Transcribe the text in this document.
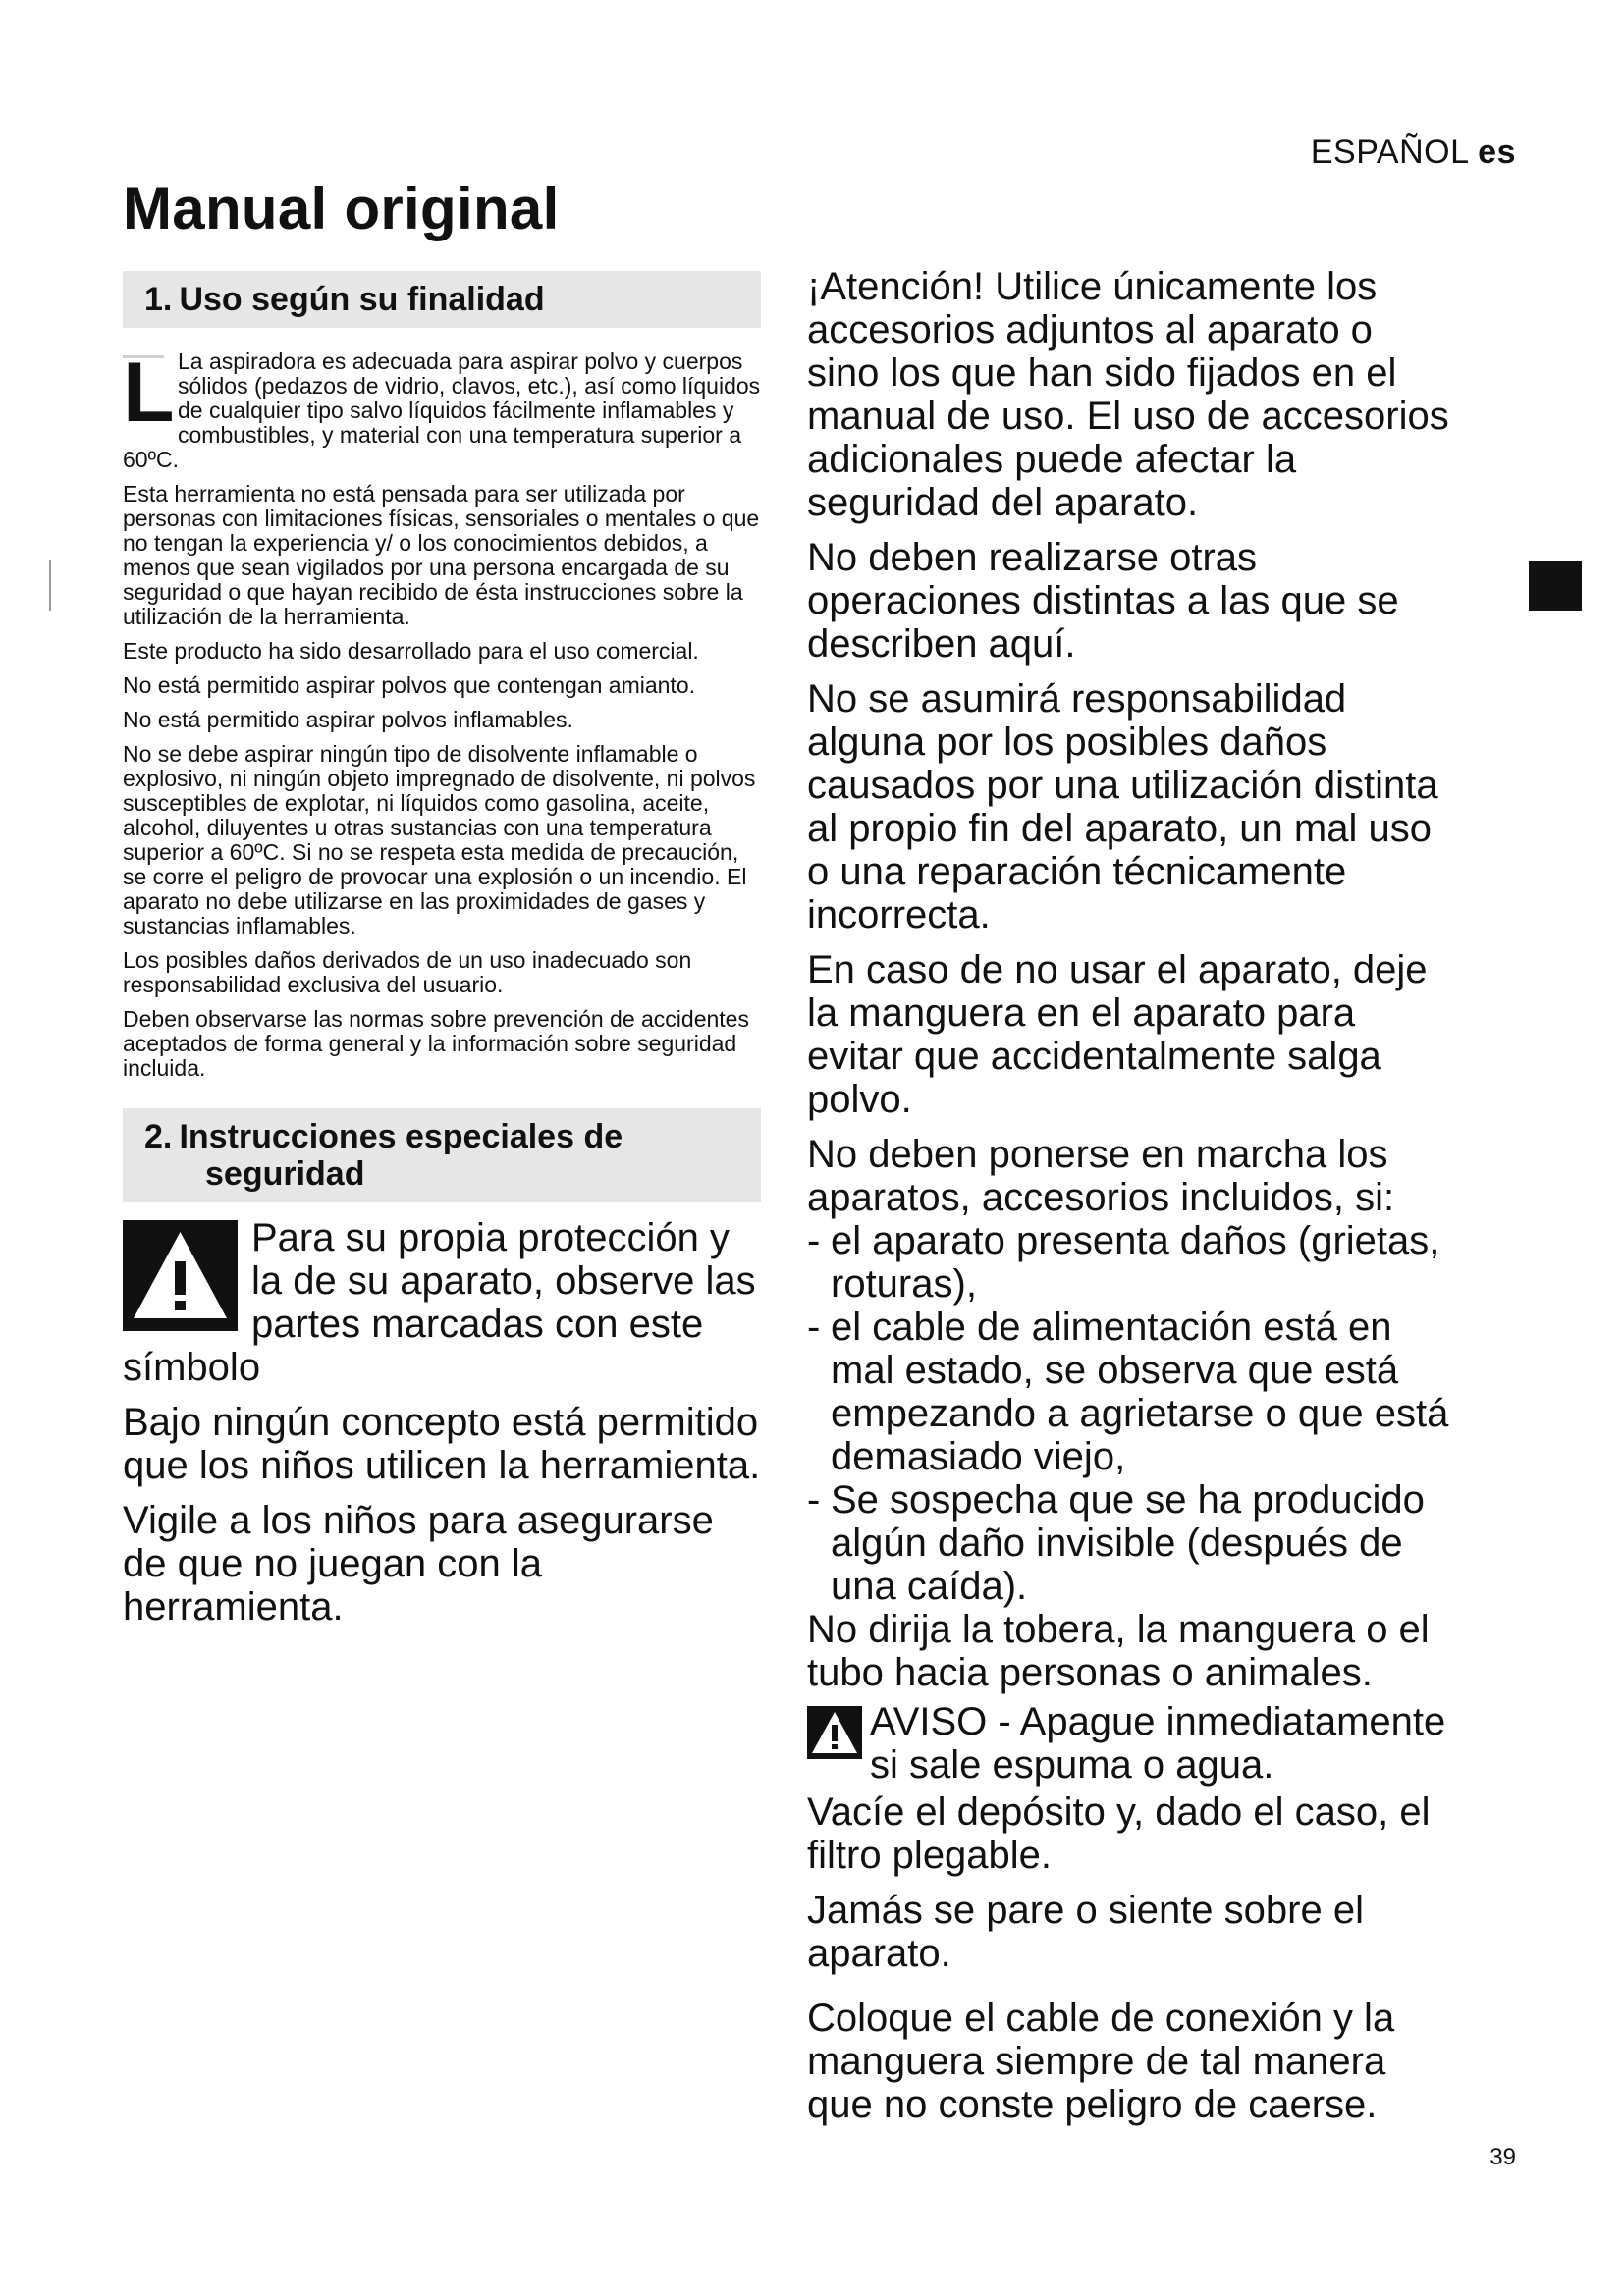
ESPAÑOL es
Manual original
1. Uso según su finalidad
L La aspiradora es adecuada para aspirar polvo y cuerpos sólidos (pedazos de vidrio, clavos, etc.), así como líquidos de cualquier tipo salvo líquidos fácilmente inflamables y combustibles, y material con una temperatura superior a 60ºC.

Esta herramienta no está pensada para ser utilizada por personas con limitaciones físicas, sensoriales o mentales o que no tengan la experiencia y/ o los conocimientos debidos, a menos que sean vigilados por una persona encargada de su seguridad o que hayan recibido de ésta instrucciones sobre la utilización de la herramienta.

Este producto ha sido desarrollado para el uso comercial.

No está permitido aspirar polvos que contengan amianto.

No está permitido aspirar polvos inflamables.

No se debe aspirar ningún tipo de disolvente inflamable o explosivo, ni ningún objeto impregnado de disolvente, ni polvos susceptibles de explotar, ni líquidos como gasolina, aceite, alcohol, diluyentes u otras sustancias con una temperatura superior a 60ºC. Si no se respeta esta medida de precaución, se corre el peligro de provocar una explosión o un incendio. El aparato no debe utilizarse en las proximidades de gases y sustancias inflamables.

Los posibles daños derivados de un uso inadecuado son responsabilidad exclusiva del usuario.

Deben observarse las normas sobre prevención de accidentes aceptados de forma general y la información sobre seguridad incluida.

2. Instrucciones especiales de
seguridad

Para su propia protección y la de su aparato, observe las partes marcadas con este símbolo

Bajo ningún concepto está permitido que los niños utilicen la herramienta.

Vigile a los niños para asegurarse de que no juegan con la herramienta.

¡Atención! Utilice únicamente los accesorios adjuntos al aparato o sino los que han sido fijados en el manual de uso. El uso de accesorios adicionales puede afectar la seguridad del aparato.

No deben realizarse otras operaciones distintas a las que se describen aquí.

No se asumirá responsabilidad alguna por los posibles daños causados por una utilización distinta al propio fin del aparato, un mal uso o una reparación técnicamente incorrecta.

En caso de no usar el aparato, deje la manguera en el aparato para evitar que accidentalmente salga polvo.

No deben ponerse en marcha los aparatos, accesorios incluidos, si:

- el aparato presenta daños (grietas, roturas),
- el cable de alimentación está en mal estado, se observa que está empezando a agrietarse o que está demasiado viejo,
- Se sospecha que se ha producido algún daño invisible (después de una caída).

No dirija la tobera, la manguera o el tubo hacia personas o animales.

AVISO - Apague inmediatamente si sale espuma o agua.

Vacíe el depósito y, dado el caso, el filtro plegable.

Jamás se pare o siente sobre el aparato.

Coloque el cable de conexión y la manguera siempre de tal manera que no conste peligro de caerse.

39
